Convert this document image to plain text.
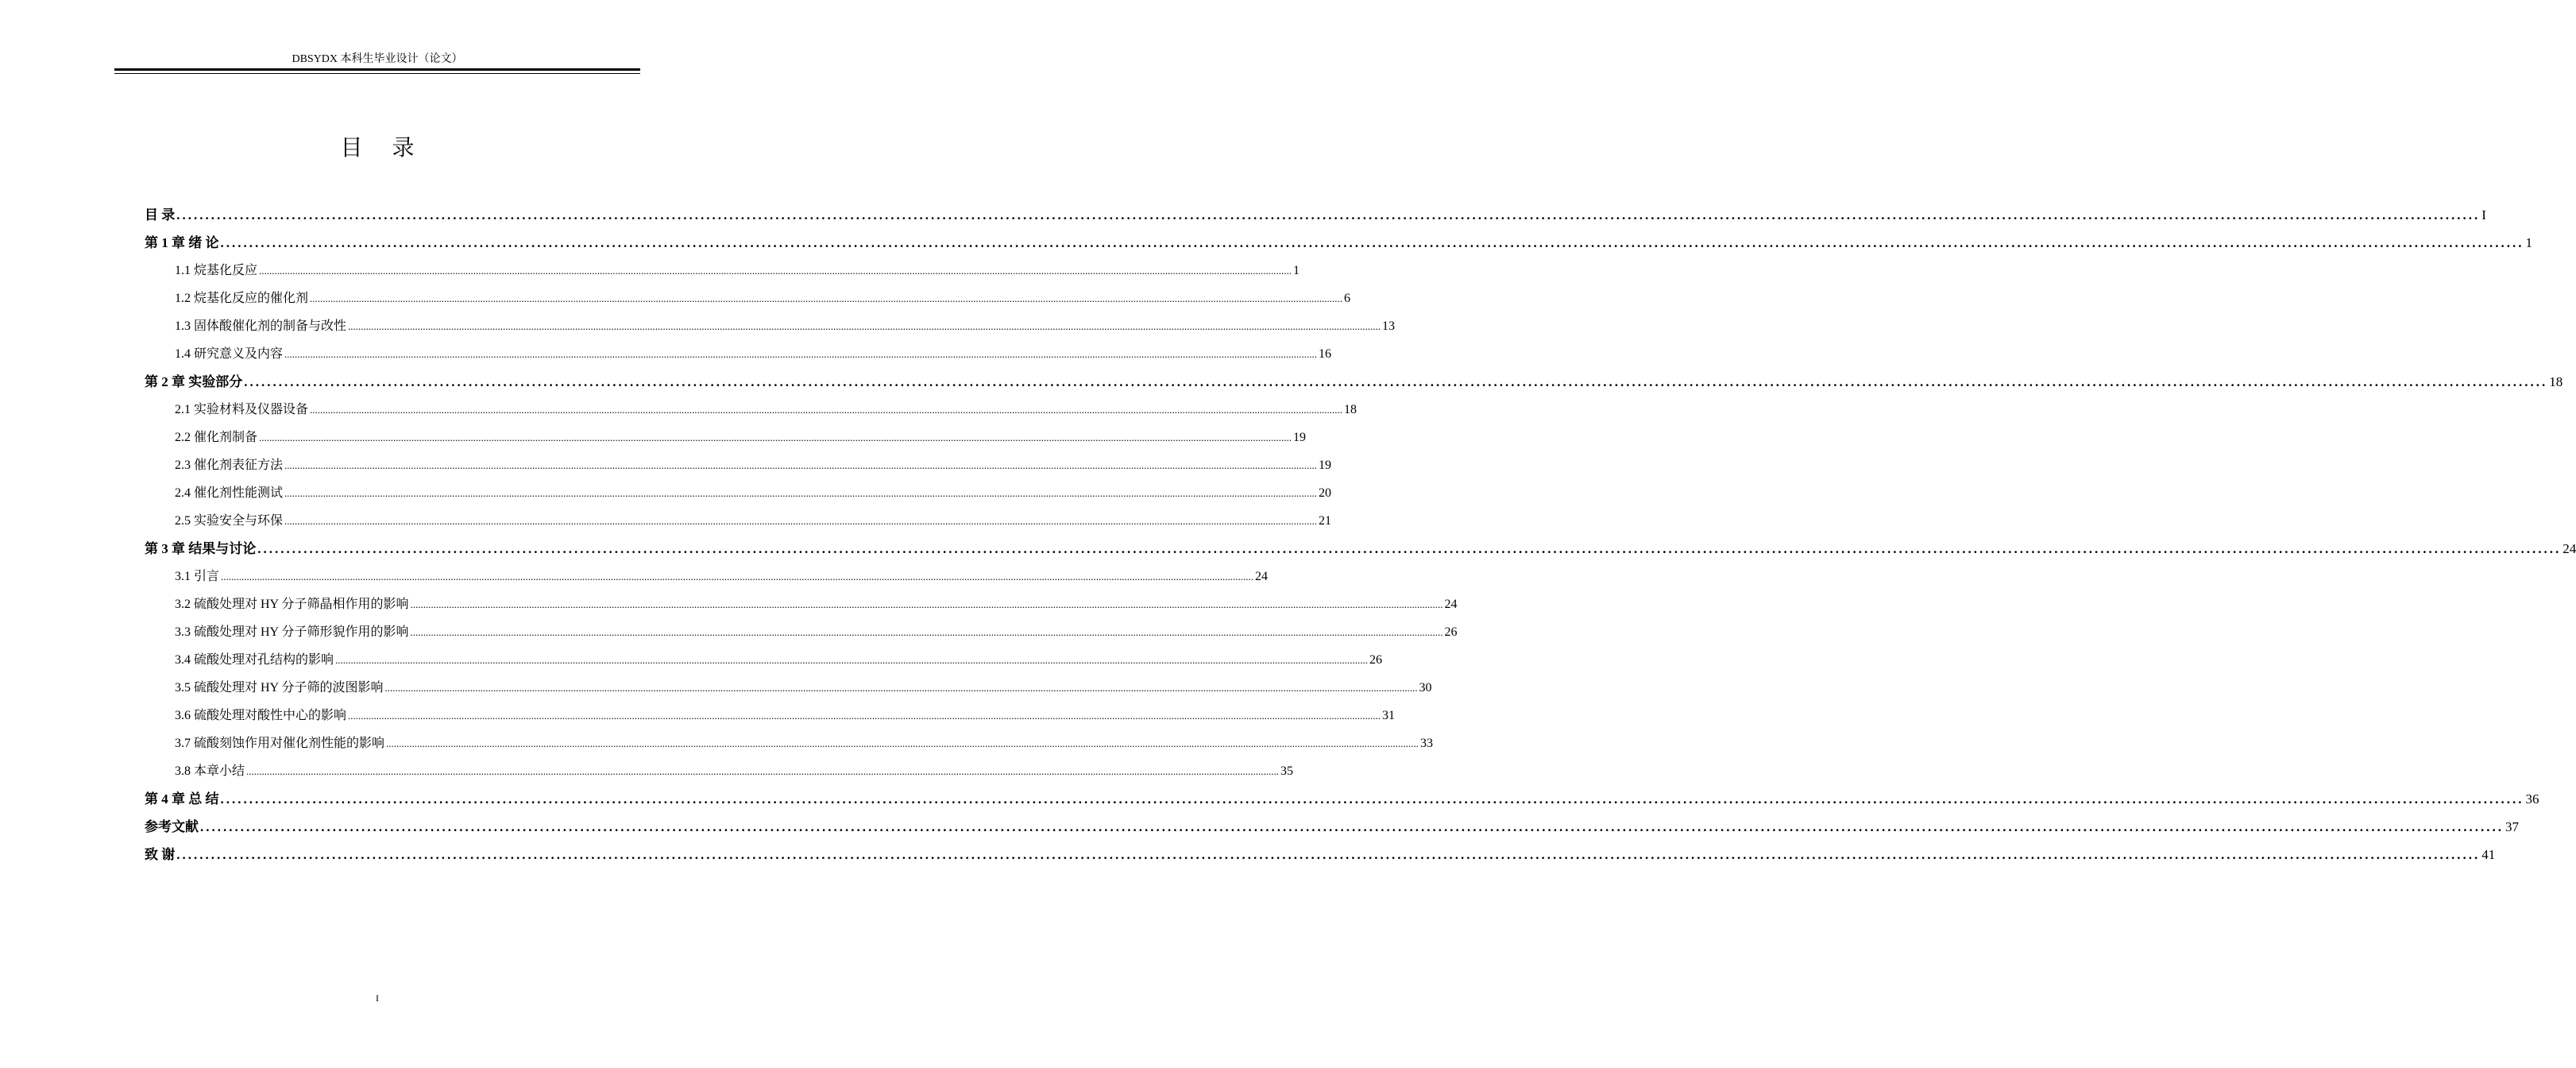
DBSYDX 本科生毕业设计（论文）
目 录
目 录 ................................................................................................................................................................................................................................................................................................................................................................................................................ I
第 1 章 绪 论 ................................................................................................................................................................................................................................................................................................................................................................................................................ 1
1.1 烷基化反应 ................................................................................................................................................................................................................................................................................................................................................................................................................ 1
1.2 烷基化反应的催化剂 ................................................................................................................................................................................................................................................................................................................................................................................................................ 6
1.3 固体酸催化剂的制备与改性 ................................................................................................................................................................................................................................................................................................................................................................................................................ 13
1.4 研究意义及内容 ................................................................................................................................................................................................................................................................................................................................................................................................................ 16
第 2 章 实验部分 ................................................................................................................................................................................................................................................................................................................................................................................................................ 18
2.1 实验材料及仪器设备 ................................................................................................................................................................................................................................................................................................................................................................................................................ 18
2.2 催化剂制备 ................................................................................................................................................................................................................................................................................................................................................................................................................ 19
2.3 催化剂表征方法 ................................................................................................................................................................................................................................................................................................................................................................................................................ 19
2.4 催化剂性能测试 ................................................................................................................................................................................................................................................................................................................................................................................................................ 20
2.5 实验安全与环保 ................................................................................................................................................................................................................................................................................................................................................................................................................ 21
第 3 章 结果与讨论 ................................................................................................................................................................................................................................................................................................................................................................................................................ 24
3.1 引言 ................................................................................................................................................................................................................................................................................................................................................................................................................ 24
3.2 硫酸处理对 HY 分子筛晶相作用的影响 ................................................................................................................................................................................................................................................................................................................................................................................................................ 24
3.3 硫酸处理对 HY 分子筛形貌作用的影响 ................................................................................................................................................................................................................................................................................................................................................................................................................ 26
3.4 硫酸处理对孔结构的影响 ................................................................................................................................................................................................................................................................................................................................................................................................................ 26
3.5 硫酸处理对 HY 分子筛的波图影响 ................................................................................................................................................................................................................................................................................................................................................................................................................ 30
3.6 硫酸处理对酸性中心的影响 ................................................................................................................................................................................................................................................................................................................................................................................................................ 31
3.7 硫酸刻蚀作用对催化剂性能的影响 ................................................................................................................................................................................................................................................................................................................................................................................................................ 33
3.8 本章小结 ................................................................................................................................................................................................................................................................................................................................................................................................................ 35
第 4 章 总 结 ................................................................................................................................................................................................................................................................................................................................................................................................................ 36
参考文献 ................................................................................................................................................................................................................................................................................................................................................................................................................ 37
致 谢 ................................................................................................................................................................................................................................................................................................................................................................................................................ 41
I
